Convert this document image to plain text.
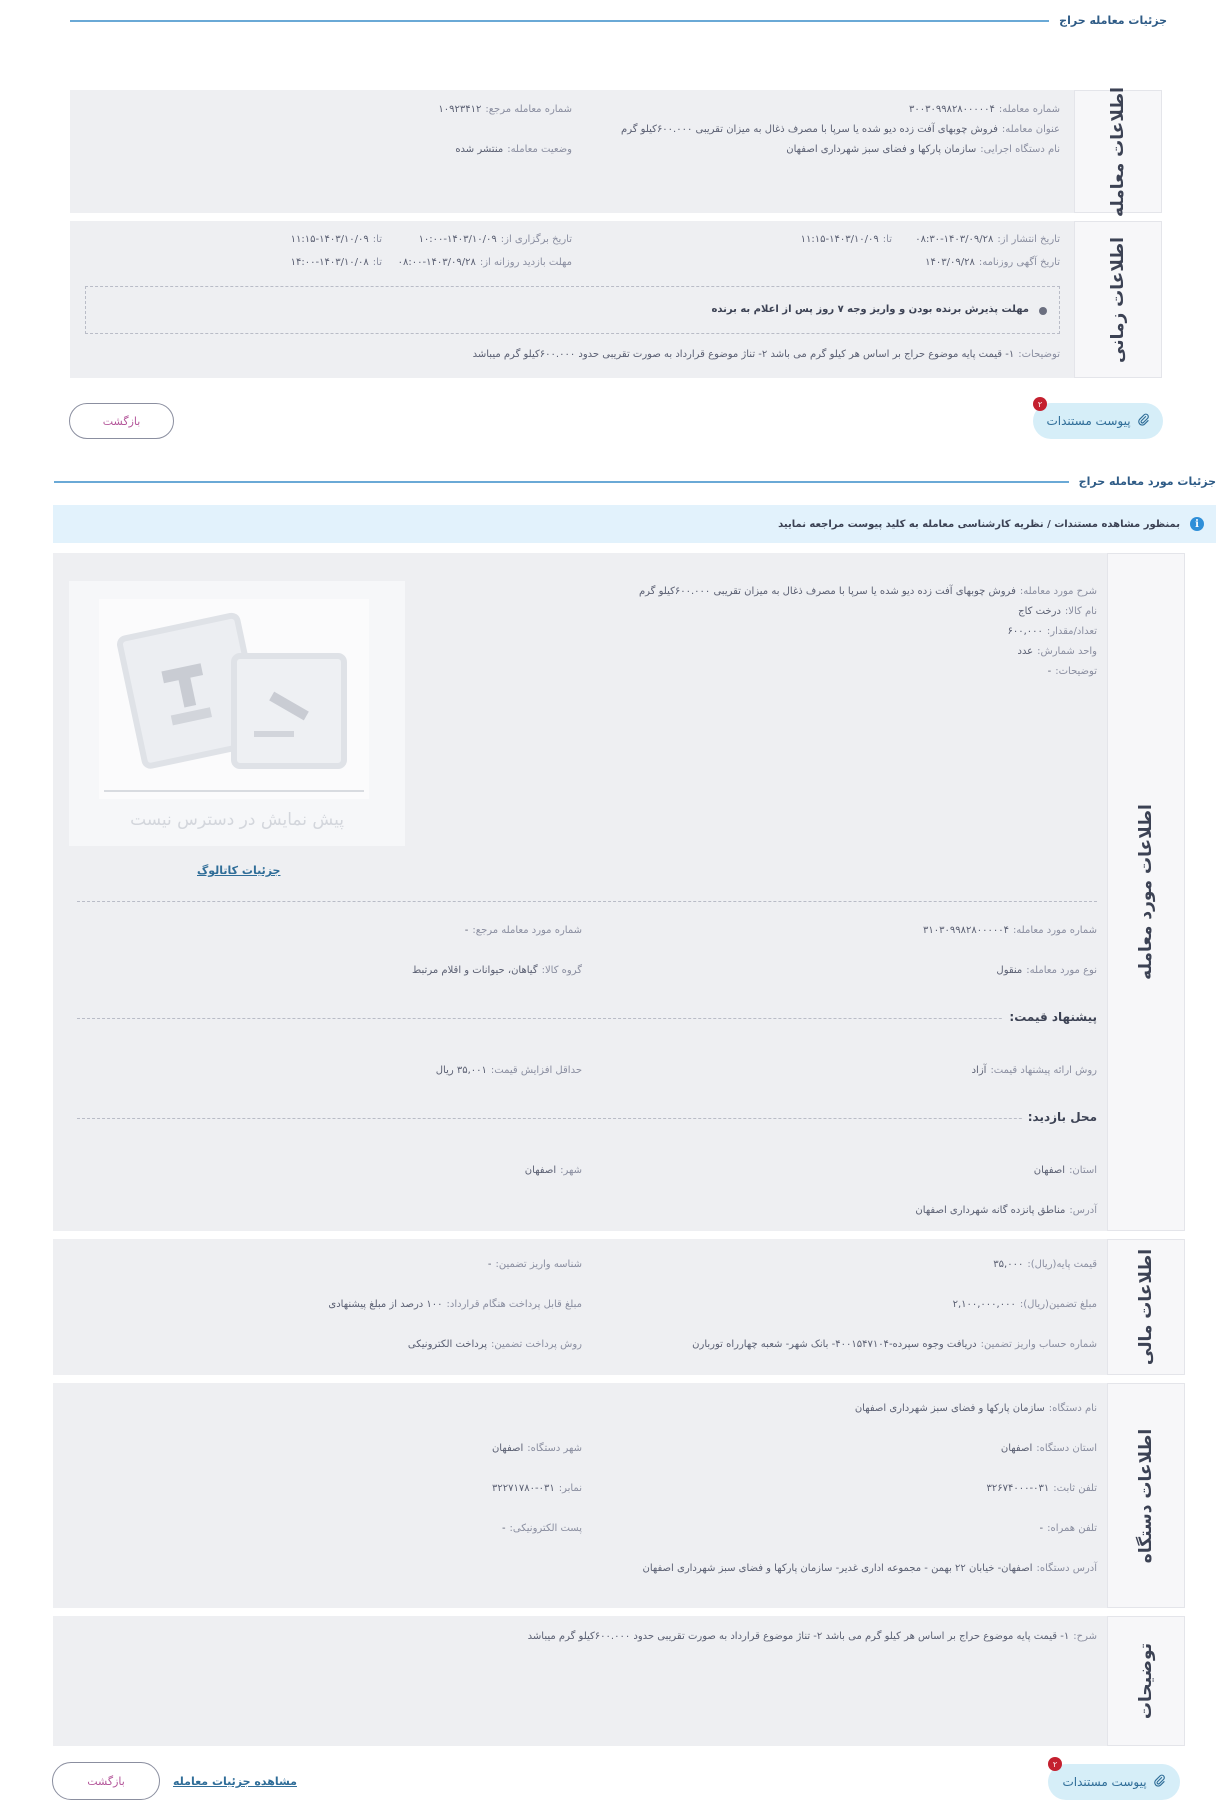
جزئیات معامله حراج
اطلاعات معامله
شماره معامله:۳۰۰۳۰۹۹۸۲۸۰۰۰۰۰۴
شماره معامله مرجع:۱۰۹۲۳۴۱۲
عنوان معامله:فروش چوبهای آفت زده دیو شده یا سرپا با مصرف ذغال به میزان تقریبی ۶۰۰.۰۰۰کیلو گرم
وضعیت معامله:منتشر شده	نام دستگاه اجرایی:سازمان پارکها و فضای سبز شهرداری اصفهان
اطلاعات زمانی
تاریخ انتشار از:۱۴۰۳/۰۹/۲۸-۰۸:۳۰
تا:۱۴۰۳/۱۰/۰۹-۱۱:۱۵
تاریخ برگزاری از:۱۴۰۳/۱۰/۰۹-۱۰:۰۰
تا:۱۴۰۳/۱۰/۰۹-۱۱:۱۵
تاریخ آگهی روزنامه:۱۴۰۳/۰۹/۲۸
مهلت بازدید روزانه از:۱۴۰۳/۰۹/۲۸-۰۸:۰۰
تا:۱۴۰۳/۱۰/۰۸-۱۴:۰۰
مهلت پذیرش برنده بودن و واریز وجه ۷ روز پس از اعلام به برنده
توضیحات:۱- قیمت پایه موضوع حراج بر اساس هر کیلو گرم می باشد ۲- تناژ موضوع قرارداد به صورت تقریبی حدود ۶۰۰.۰۰۰کیلو گرم میباشد
پیوست مستندات
۲
بازگشت
جزئیات مورد معامله حراج
i
بمنظور مشاهده مستندات / نظریه کارشناسی معامله به کلید پیوست مراجعه نمایید
اطلاعات مورد معامله
شرح مورد معامله:فروش چوبهای آفت زده دیو شده یا سرپا با مصرف ذغال به میزان تقریبی ۶۰۰.۰۰۰کیلو گرم
نام کالا:درخت کاج
تعداد/مقدار:۶۰۰,۰۰۰
واحد شمارش:عدد
توضیحات:-
پیش نمایش در دسترس نیست
جزئیات کاتالوگ
شماره مورد معامله:۳۱۰۳۰۹۹۸۲۸۰۰۰۰۰۴
شماره مورد معامله مرجع:-
نوع مورد معامله:منقول
گروه کالا:گیاهان، حیوانات و اقلام مرتبط
پیشنهاد قیمت:
روش ارائه پیشنهاد قیمت:آزاد
حداقل افزایش قیمت:۳۵,۰۰۱ ریال
محل بازدید:
استان:اصفهان
شهر:اصفهان
آدرس:مناطق پانزده گانه شهرداری اصفهان
اطلاعات مالی
قیمت پایه(ریال):۳۵,۰۰۰
شناسه واریز تضمین:-
مبلغ تضمین(ریال):۲,۱۰۰,۰۰۰,۰۰۰
مبلغ قابل پرداخت هنگام قرارداد:۱۰۰ درصد از مبلغ پیشنهادی
شماره حساب واریز تضمین:دریافت وجوه سپرده-۴۰۰۱۵۴۷۱۰۴- بانک شهر- شعبه چهارراه توربارن
روش پرداخت تضمین:پرداخت الکترونیکی
اطلاعات دستگاه
نام دستگاه:سازمان پارکها و فضای سبز شهرداری اصفهان
استان دستگاه:اصفهان
شهر دستگاه:اصفهان
تلفن ثابت:۰۳۱-۳۲۶۷۴۰۰۰
نمابر:۰۳۱-۳۲۲۷۱۷۸۰
تلفن همراه:-
پست الکترونیکی:-
آدرس دستگاه:اصفهان- خیابان ۲۲ بهمن - مجموعه اداری غدیر- سازمان پارکها و فضای سبز شهرداری اصفهان
توضیحات
شرح:۱- قیمت پایه موضوع حراج بر اساس هر کیلو گرم می باشد ۲- تناژ موضوع قرارداد به صورت تقریبی حدود ۶۰۰.۰۰۰کیلو گرم میباشد
پیوست مستندات
۲
مشاهده جزئیات معامله
بازگشت
